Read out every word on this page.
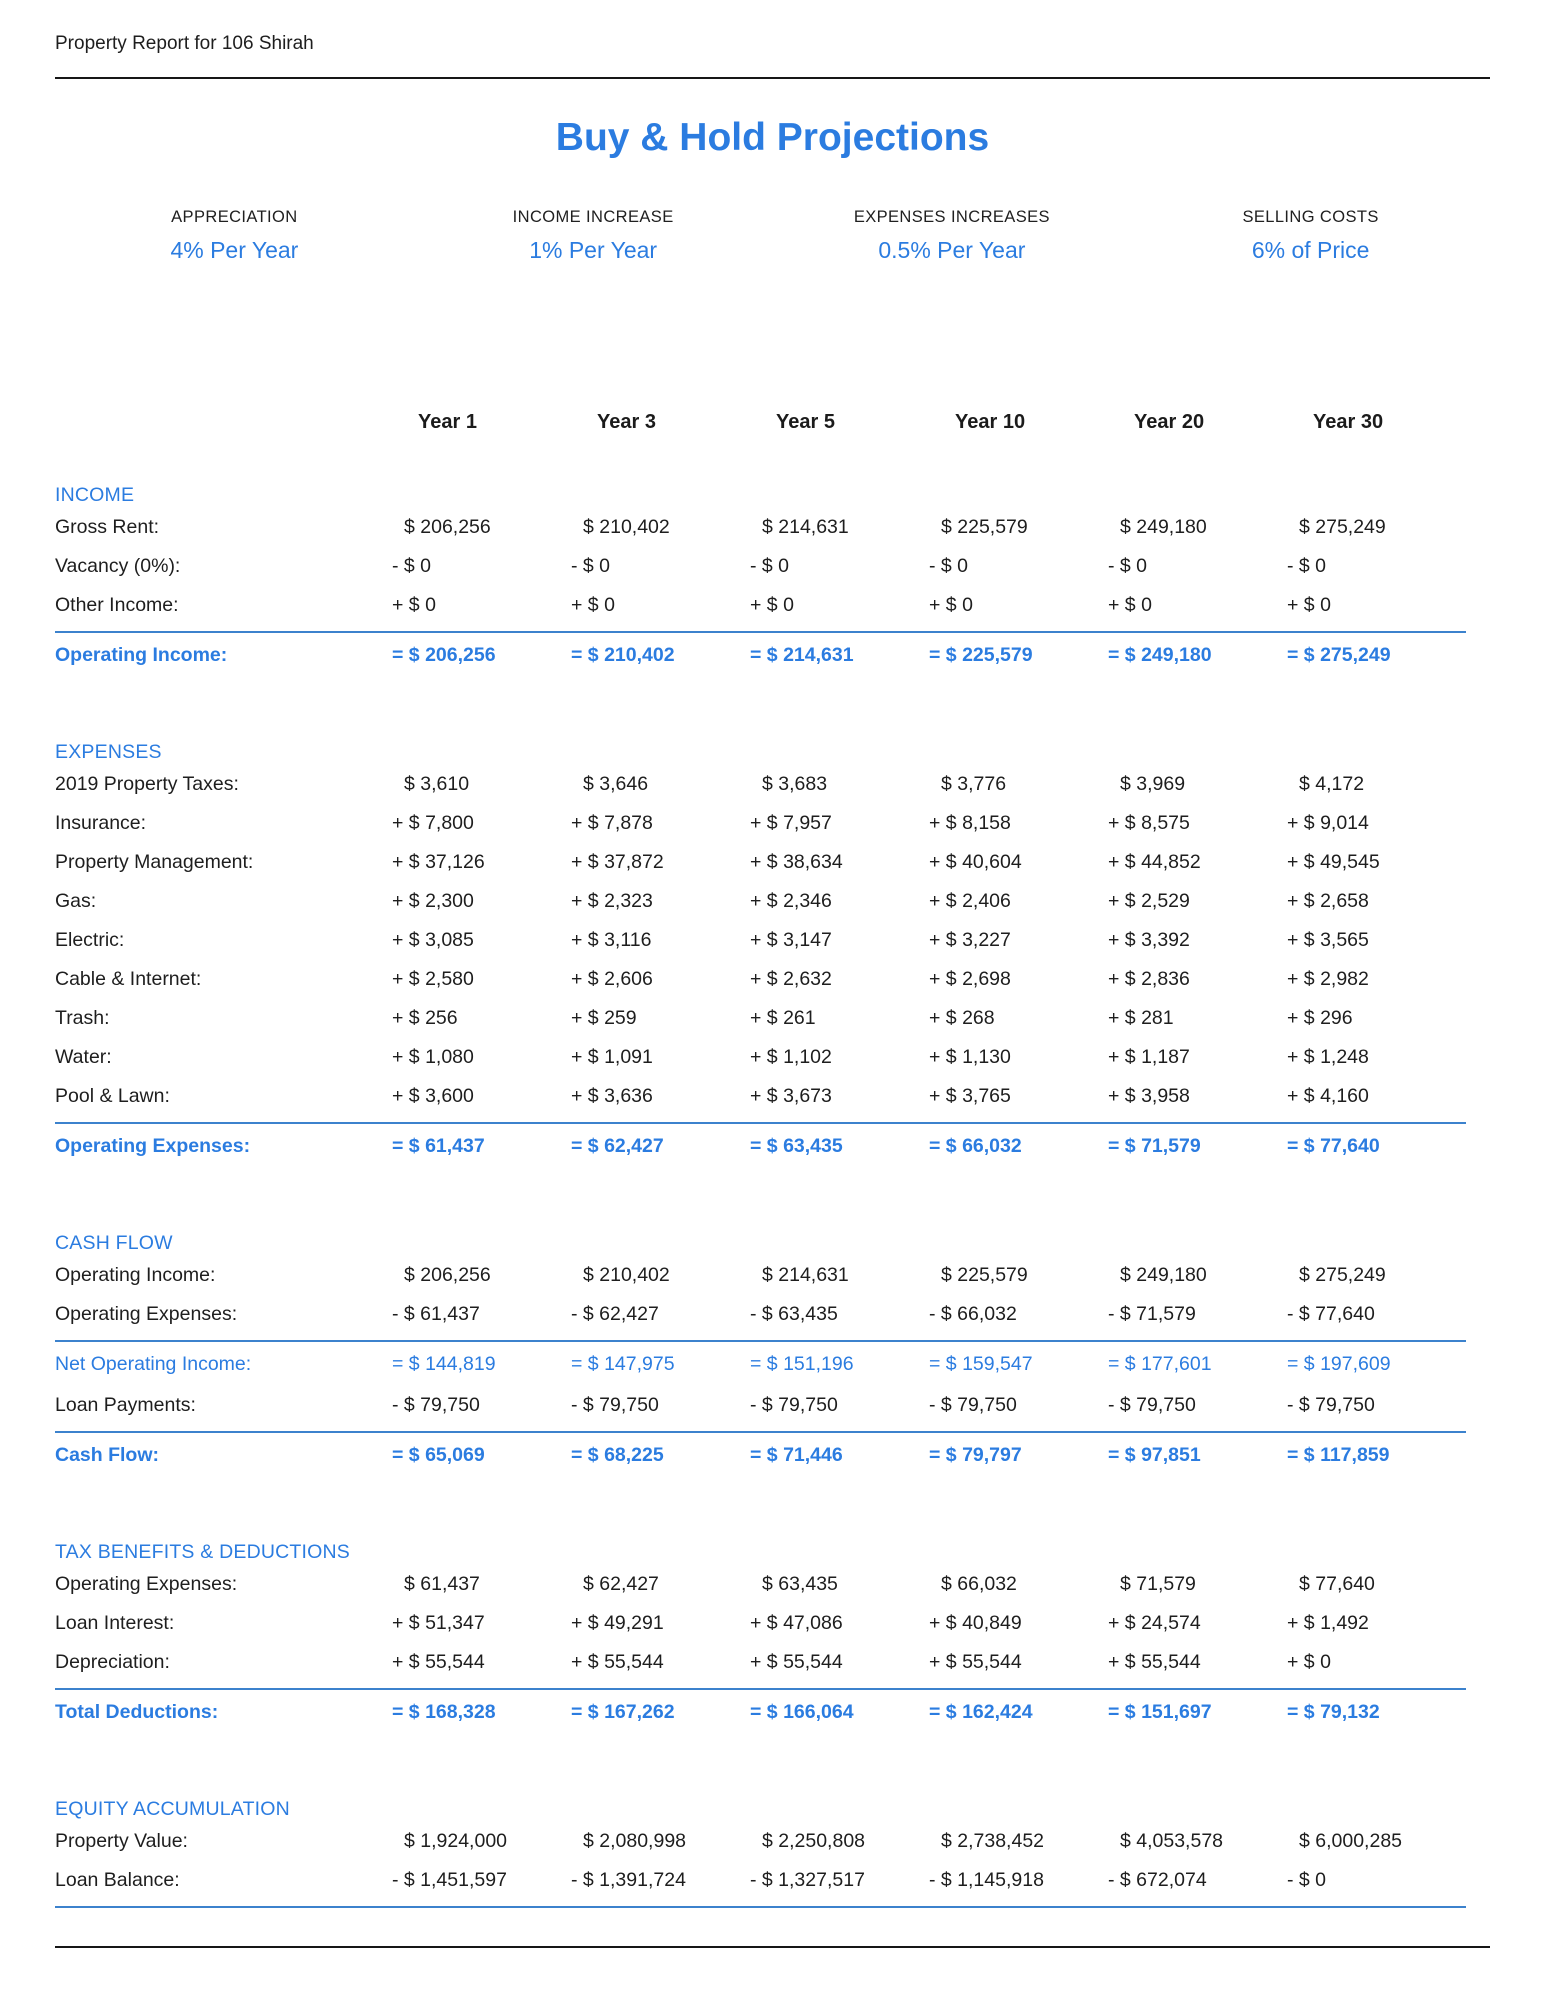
Property Report for 106 Shirah
Buy & Hold Projections
APPRECIATION
4% Per Year
INCOME INCREASE
1% Per Year
EXPENSES INCREASES
0.5% Per Year
SELLING COSTS
6% of Price
Year 1	Year 3	Year 5	Year 10	Year 20	Year 30
INCOME
Gross Rent:	$ 206,256	$ 210,402	$ 214,631	$ 225,579	$ 249,180	$ 275,249
Vacancy (0%):	- $ 0	- $ 0	- $ 0	- $ 0	- $ 0	- $ 0
Other Income:	+ $ 0	+ $ 0	+ $ 0	+ $ 0	+ $ 0	+ $ 0
Operating Income:	= $ 206,256	= $ 210,402	= $ 214,631	= $ 225,579	= $ 249,180	= $ 275,249
EXPENSES
2019 Property Taxes:	$ 3,610	$ 3,646	$ 3,683	$ 3,776	$ 3,969	$ 4,172
Insurance:	+ $ 7,800	+ $ 7,878	+ $ 7,957	+ $ 8,158	+ $ 8,575	+ $ 9,014
Property Management:	+ $ 37,126	+ $ 37,872	+ $ 38,634	+ $ 40,604	+ $ 44,852	+ $ 49,545
Gas:	+ $ 2,300	+ $ 2,323	+ $ 2,346	+ $ 2,406	+ $ 2,529	+ $ 2,658
Electric:	+ $ 3,085	+ $ 3,116	+ $ 3,147	+ $ 3,227	+ $ 3,392	+ $ 3,565
Cable & Internet:	+ $ 2,580	+ $ 2,606	+ $ 2,632	+ $ 2,698	+ $ 2,836	+ $ 2,982
Trash:	+ $ 256	+ $ 259	+ $ 261	+ $ 268	+ $ 281	+ $ 296
Water:	+ $ 1,080	+ $ 1,091	+ $ 1,102	+ $ 1,130	+ $ 1,187	+ $ 1,248
Pool & Lawn:	+ $ 3,600	+ $ 3,636	+ $ 3,673	+ $ 3,765	+ $ 3,958	+ $ 4,160
Operating Expenses:	= $ 61,437	= $ 62,427	= $ 63,435	= $ 66,032	= $ 71,579	= $ 77,640
CASH FLOW
Operating Income:	$ 206,256	$ 210,402	$ 214,631	$ 225,579	$ 249,180	$ 275,249
Operating Expenses:	- $ 61,437	- $ 62,427	- $ 63,435	- $ 66,032	- $ 71,579	- $ 77,640
Net Operating Income:	= $ 144,819	= $ 147,975	= $ 151,196	= $ 159,547	= $ 177,601	= $ 197,609
Loan Payments:	- $ 79,750	- $ 79,750	- $ 79,750	- $ 79,750	- $ 79,750	- $ 79,750
Cash Flow:	= $ 65,069	= $ 68,225	= $ 71,446	= $ 79,797	= $ 97,851	= $ 117,859
TAX BENEFITS & DEDUCTIONS
Operating Expenses:	$ 61,437	$ 62,427	$ 63,435	$ 66,032	$ 71,579	$ 77,640
Loan Interest:	+ $ 51,347	+ $ 49,291	+ $ 47,086	+ $ 40,849	+ $ 24,574	+ $ 1,492
Depreciation:	+ $ 55,544	+ $ 55,544	+ $ 55,544	+ $ 55,544	+ $ 55,544	+ $ 0
Total Deductions:	= $ 168,328	= $ 167,262	= $ 166,064	= $ 162,424	= $ 151,697	= $ 79,132
EQUITY ACCUMULATION
Property Value:	$ 1,924,000	$ 2,080,998	$ 2,250,808	$ 2,738,452	$ 4,053,578	$ 6,000,285
Loan Balance:	- $ 1,451,597	- $ 1,391,724	- $ 1,327,517	- $ 1,145,918	- $ 672,074	- $ 0
